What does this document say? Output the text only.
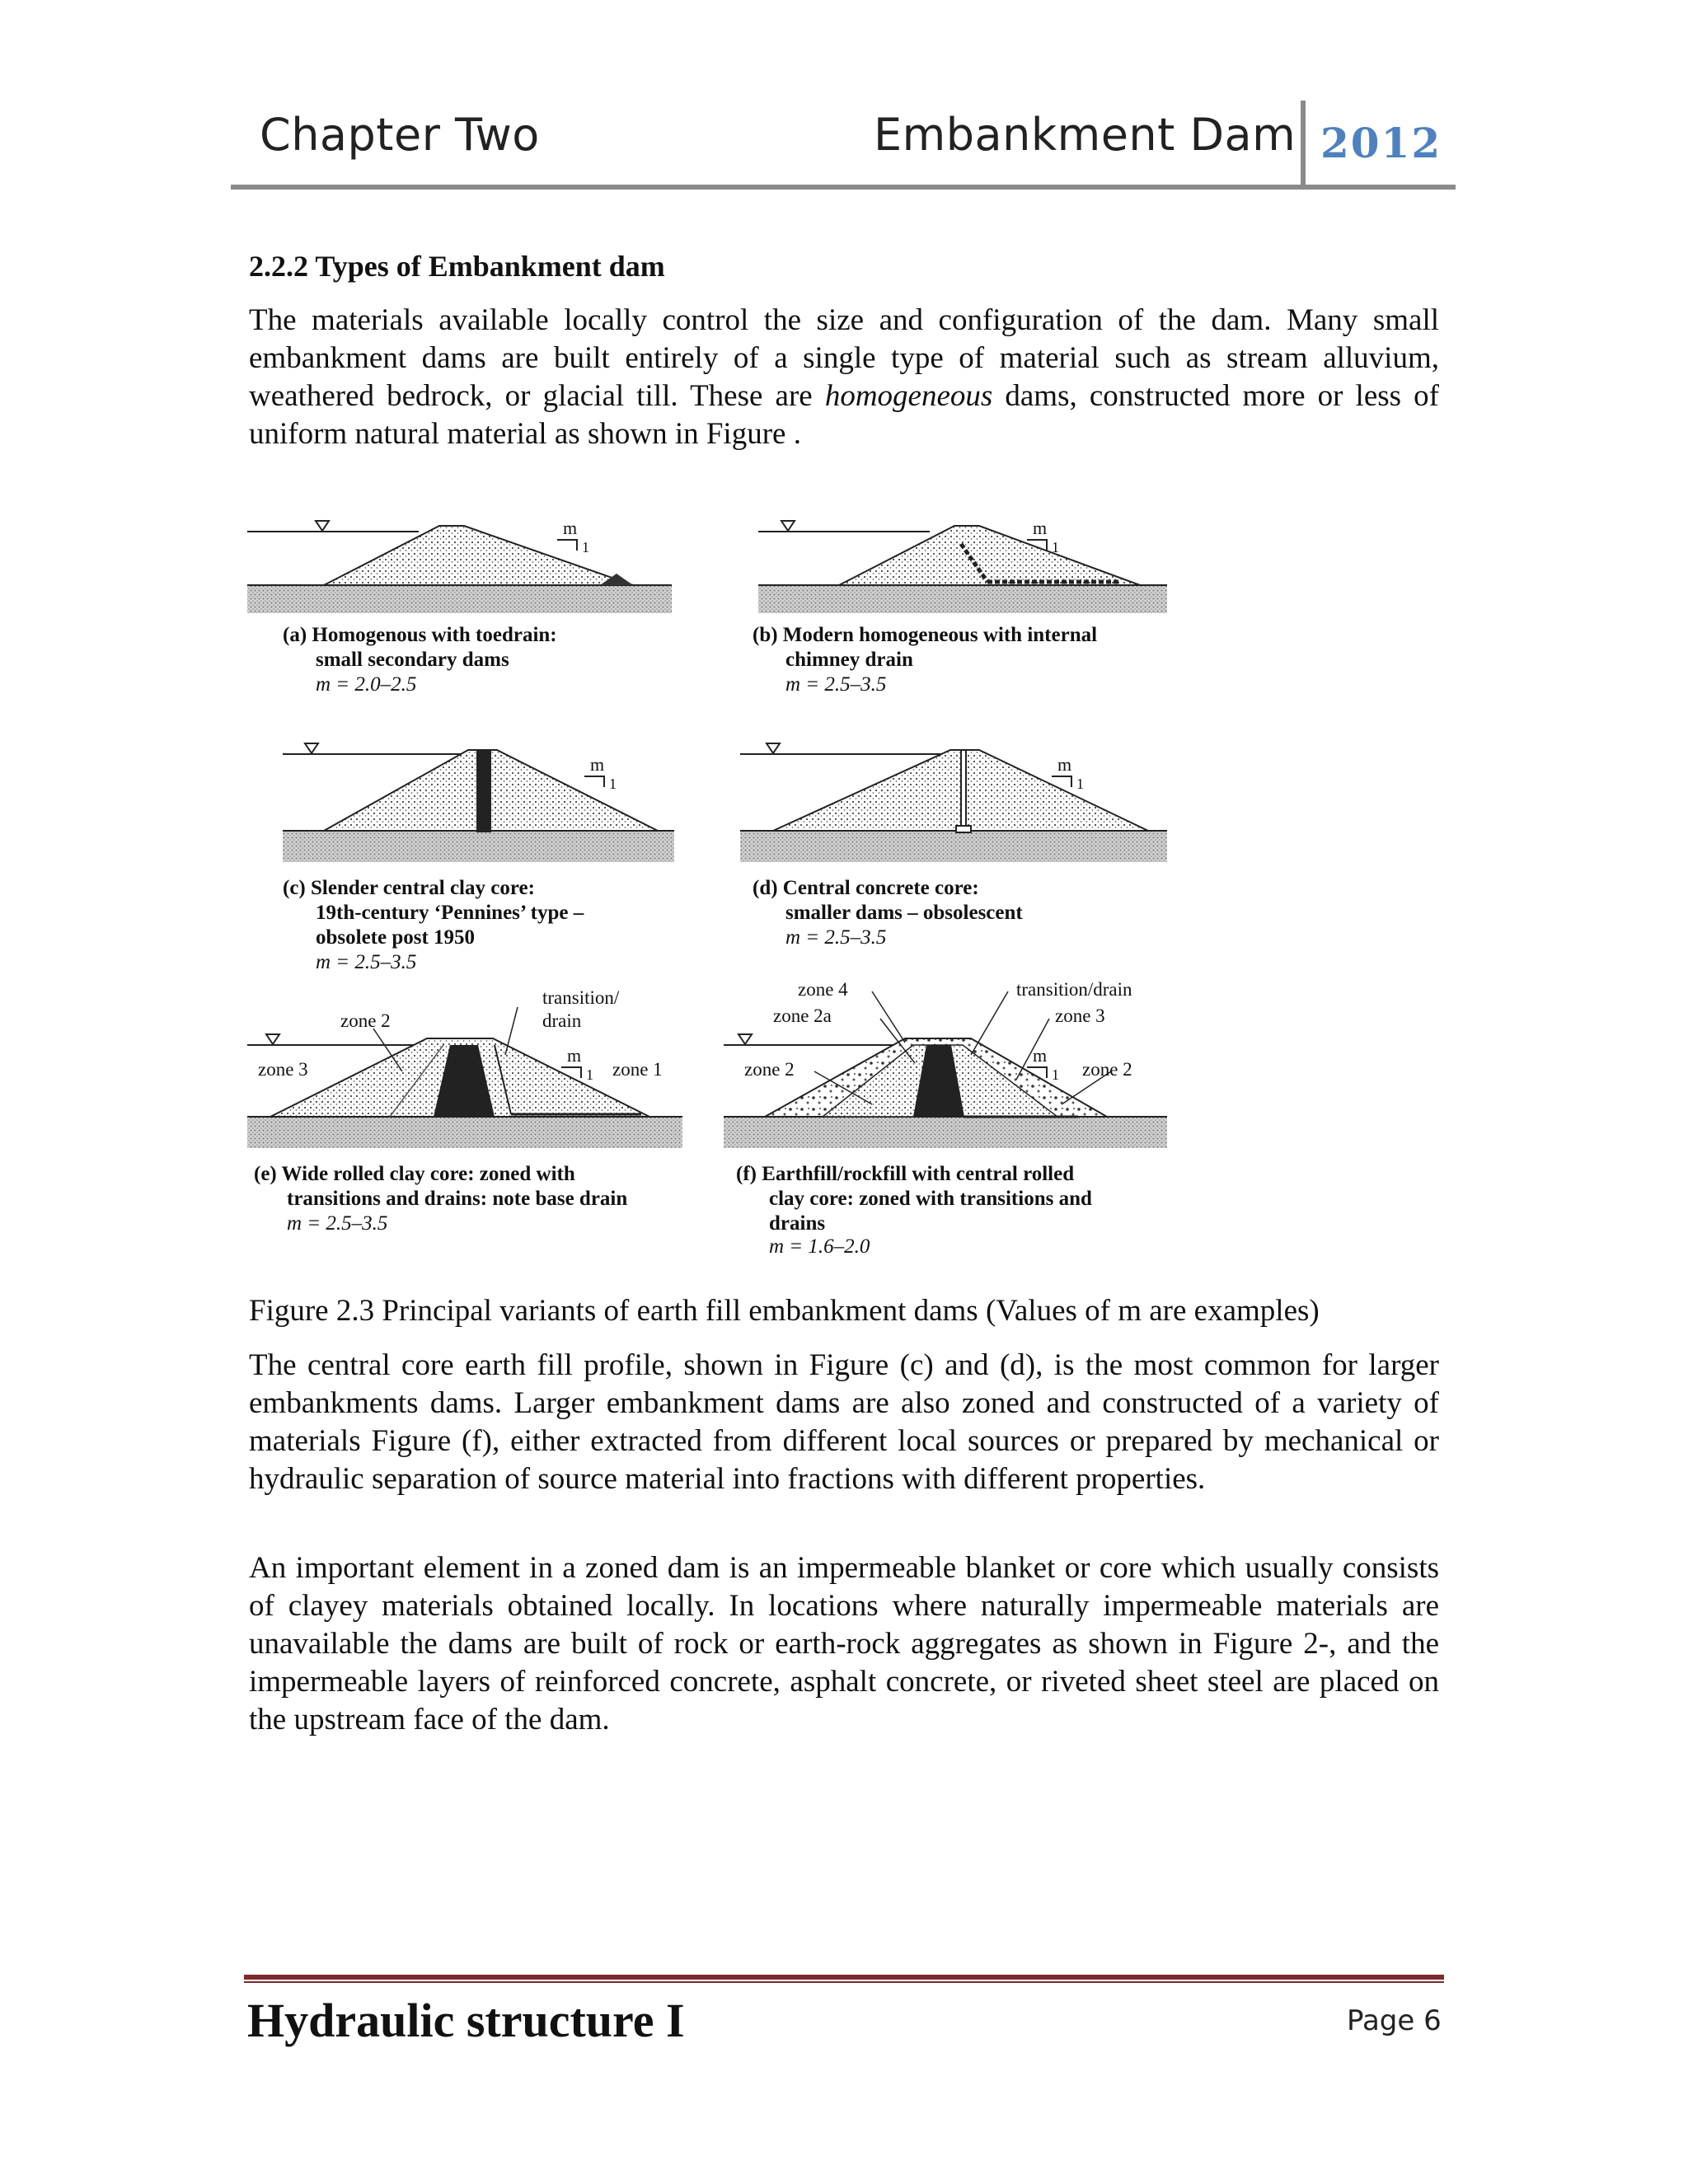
Chapter Two	Embankment Dam 2012
2.2.2 Types of Embankment dam
The materials available locally control the size and configuration of the dam. Many small embankment dams are built entirely of a single type of material such as stream alluvium, weathered bedrock, or glacial till. These are homogeneous dams, constructed more or less of uniform natural material as shown in Figure .
m
1
(a) Homogenous with toedrain:
small secondary dams
m = 2.0–2.5
m
1
(b) Modern homogeneous with internal
chimney drain
m = 2.5–3.5
m
1
(c) Slender central clay core:
19th-century ‘Pennines’ type –
obsolete post 1950
m = 2.5–3.5
m
1
(d) Central concrete core:
smaller dams – obsolescent
m = 2.5–3.5
transition/
drain
zone 2
zone 3	zone 1
m
1
(e) Wide rolled clay core: zoned with
transitions and drains: note base drain
m = 2.5–3.5
zone 4
zone 2a
transition/drain
zone 3
zone 2	zone 2
m
1
(f) Earthfill/rockfill with central rolled
clay core: zoned with transitions and
drains
m = 1.6–2.0
Figure 2.3 Principal variants of earth fill embankment dams (Values of m are examples)
The central core earth fill profile, shown in Figure (c) and (d), is the most common for larger embankments dams. Larger embankment dams are also zoned and constructed of a variety of materials Figure (f), either extracted from different local sources or prepared by mechanical or hydraulic separation of source material into fractions with different properties.
An important element in a zoned dam is an impermeable blanket or core which usually consists of clayey materials obtained locally. In locations where naturally impermeable materials are unavailable the dams are built of rock or earth-rock aggregates as shown in Figure 2-, and the impermeable layers of reinforced concrete, asphalt concrete, or riveted sheet steel are placed on the upstream face of the dam.
Hydraulic structure I	Page 6
